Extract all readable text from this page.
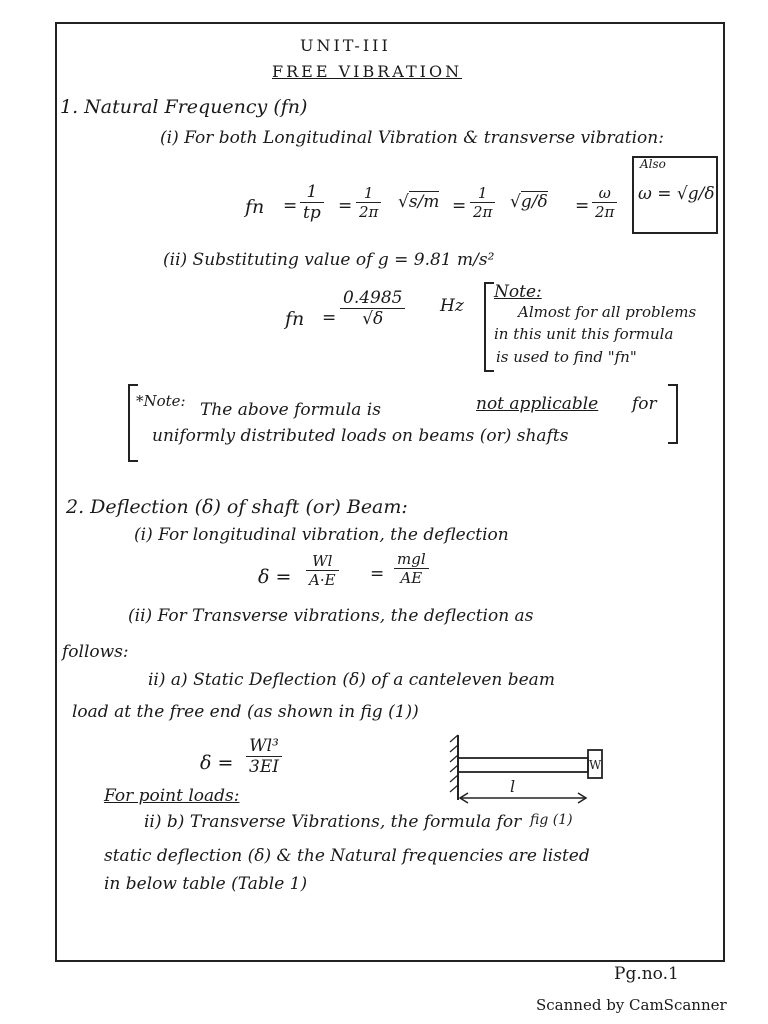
UNIT-III
FREE VIBRATION
1. Natural Frequency (fn)
(i) For both Longitudinal Vibration & transverse vibration:
fn = $\frac{1}{tp} = \frac{1}{2\pi} √s/m = \frac{1}{2\pi} √g/\delta = \frac{\omega}{2\pi}$
Also
ω = √g/δ
(ii) Substituting value of g = 9.81 m/s²
fn = $\frac{0.4985}{√\delta}$ Hz
Note:
Almost for all problems
in this unit this formula
is used to find "fn"
*Note: The above formula is	not applicable for
uniformly distributed loads on beams (or) shafts
2. Deflection (δ) of shaft (or) Beam:
(i) For longitudinal vibration, the deflection
$\delta = \frac{Wl}{A\cdot E}$ =
mgl
AE
(ii) For Transverse vibrations, the deflection as
follows:
ii) a) Static Deflection (δ) of a canteleven beam
load at the free end (as shown in fig (1))
$\delta = \frac{\text{Wl³}}{3EI}$	W
l
fig (1)
For point loads:
ii) b) Transverse Vibrations, the formula for
static deflection (δ) & the Natural frequencies are listed
in below table (Table 1)
Pg.no.1
Scanned by CamScanner
